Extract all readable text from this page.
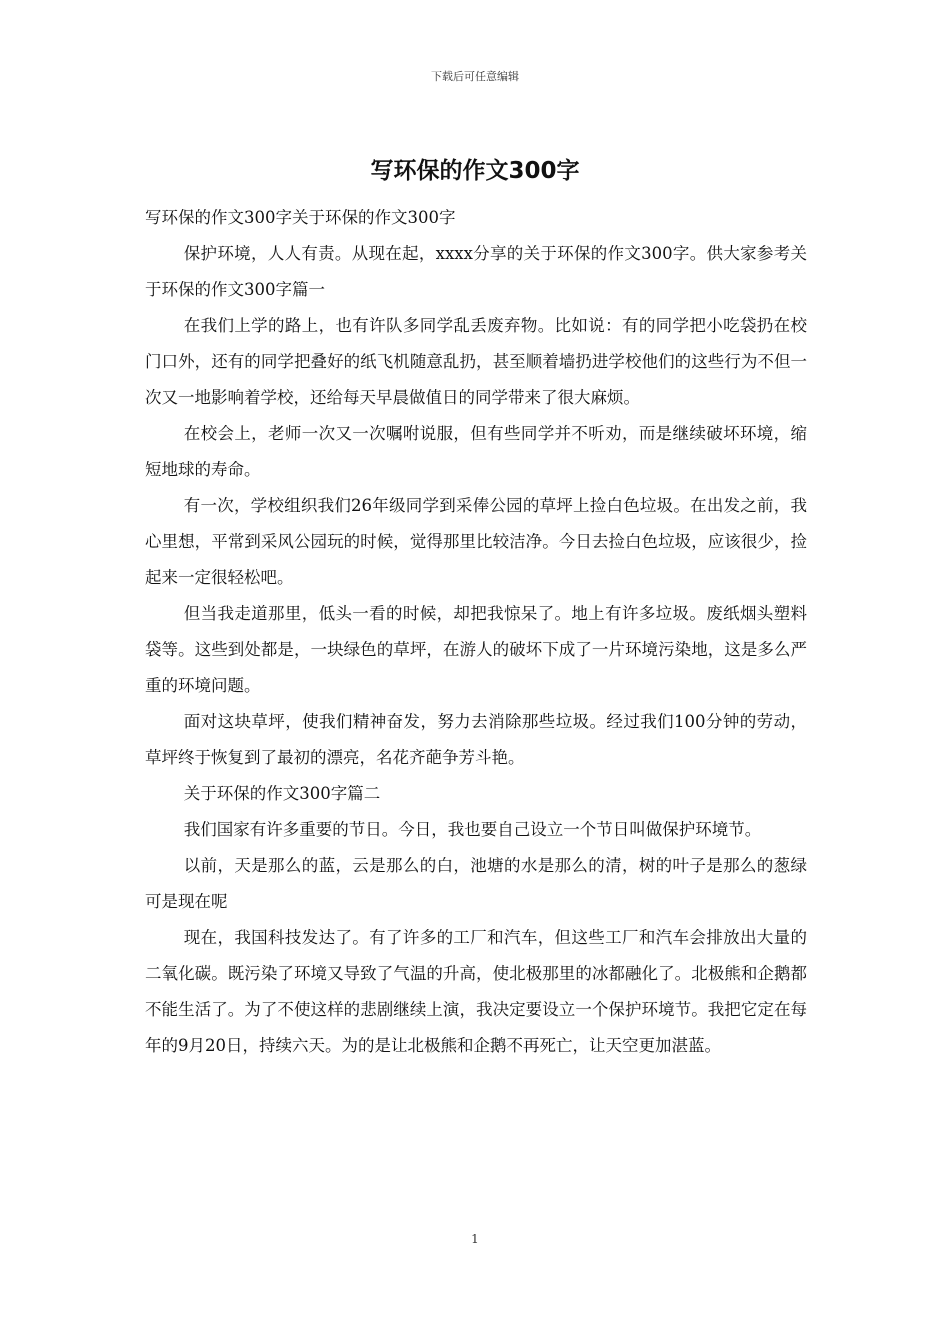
下载后可任意编辑
写环保的作文300字

写环保的作文300字关于环保的作文300字

保护环境，人人有责。从现在起，xxxx分享的关于环保的作文300字。供大家参考关于环保的作文300字篇一

在我们上学的路上，也有许队多同学乱丢废弃物。比如说：有的同学把小吃袋扔在校门口外，还有的同学把叠好的纸飞机随意乱扔，甚至顺着墙扔进学校他们的这些行为不但一次又一地影响着学校，还给每天早晨做值日的同学带来了很大麻烦。

在校会上，老师一次又一次嘱咐说服，但有些同学并不听劝，而是继续破坏环境，缩短地球的寿命。

有一次，学校组织我们26年级同学到采俸公园的草坪上捡白色垃圾。在出发之前，我心里想，平常到采风公园玩的时候，觉得那里比较洁净。今日去捡白色垃圾，应该很少，捡起来一定很轻松吧。

但当我走道那里，低头一看的时候，却把我惊呆了。地上有许多垃圾。废纸烟头塑料袋等。这些到处都是，一块绿色的草坪，在游人的破坏下成了一片环境污染地，这是多么严重的环境问题。

面对这块草坪，使我们精神奋发，努力去消除那些垃圾。经过我们100分钟的劳动，草坪终于恢复到了最初的漂亮，名花齐葩争芳斗艳。

关于环保的作文300字篇二

我们国家有许多重要的节日。今日，我也要自己设立一个节日叫做保护环境节。

以前，天是那么的蓝，云是那么的白，池塘的水是那么的清，树的叶子是那么的葱绿可是现在呢

现在，我国科技发达了。有了许多的工厂和汽车，但这些工厂和汽车会排放出大量的二氧化碳。既污染了环境又导致了气温的升高，使北极那里的冰都融化了。北极熊和企鹅都不能生活了。为了不使这样的悲剧继续上演，我决定要设立一个保护环境节。我把它定在每年的9月20日，持续六天。为的是让北极熊和企鹅不再死亡，让天空更加湛蓝。

1
